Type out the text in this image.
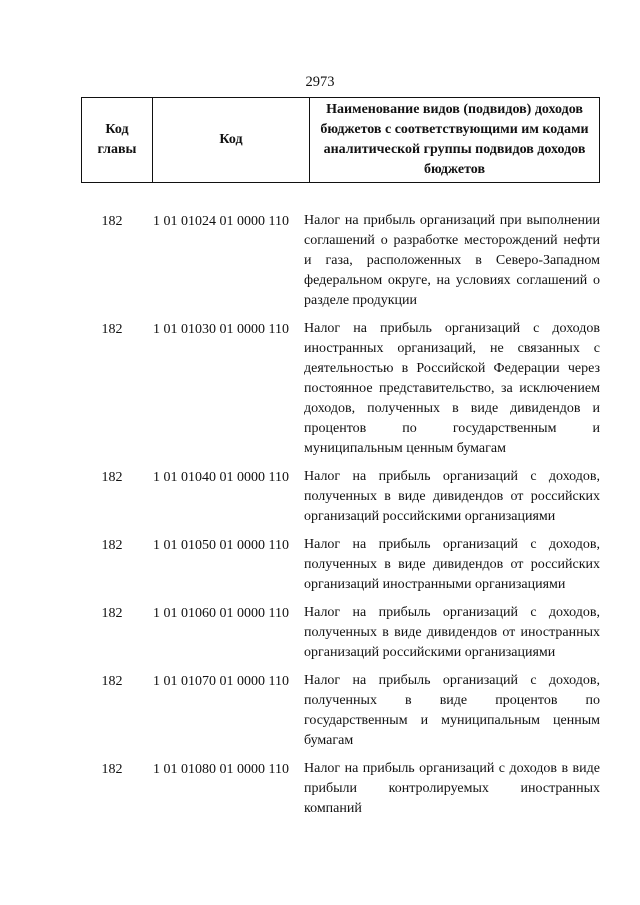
2973
Код главы	Код	Наименование видов (подвидов) доходов бюджетов с соответствующими им кодами аналитической группы подвидов доходов бюджетов
182	1 01 01024 01 0000 110	Налог на прибыль организаций при выполнении соглашений о разработке месторождений нефти и газа, расположенных в Северо-Западном федеральном округе, на условиях соглашений о разделе продукции
182	1 01 01030 01 0000 110	Налог на прибыль организаций с доходов иностранных организаций, не связанных с деятельностью в Российской Федерации через постоянное представительство, за исключением доходов, полученных в виде дивидендов и процентов по государственным и муниципальным ценным бумагам
182	1 01 01040 01 0000 110	Налог на прибыль организаций с доходов, полученных в виде дивидендов от российских организаций российскими организациями
182	1 01 01050 01 0000 110	Налог на прибыль организаций с доходов, полученных в виде дивидендов от российских организаций иностранными организациями
182	1 01 01060 01 0000 110	Налог на прибыль организаций с доходов, полученных в виде дивидендов от иностранных организаций российскими организациями
182	1 01 01070 01 0000 110	Налог на прибыль организаций с доходов, полученных в виде процентов по государственным и муниципальным ценным бумагам
182	1 01 01080 01 0000 110	Налог на прибыль организаций с доходов в виде прибыли контролируемых иностранных компаний
